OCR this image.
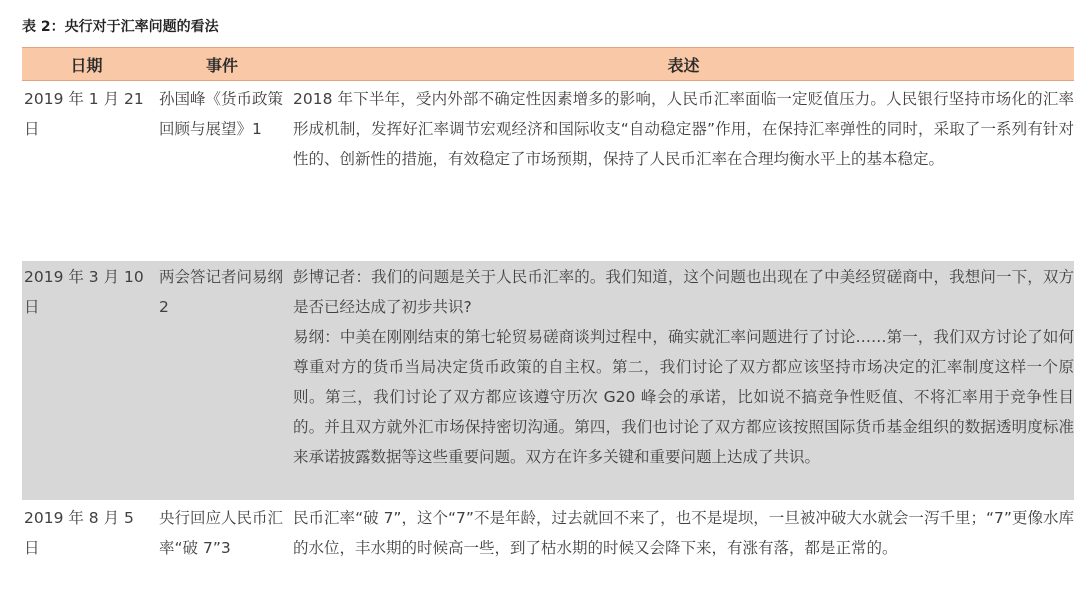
表 2：央行对于汇率问题的看法
日期	事件	表述
2019 年 1 月 21 日
孙国峰《货币政策回顾与展望》1

2018 年下半年，受内外部不确定性因素增多的影响，人民币汇率面临一定贬值压力。人民银行坚持市场化的汇率形成机制，发挥好汇率调节宏观经济和国际收支“自动稳定器”作用，在保持汇率弹性的同时，采取了一系列有针对性的、创新性的措施，有效稳定了市场预期，保持了人民币汇率在合理均衡水平上的基本稳定。

2019 年 3 月 10 日
两会答记者问易纲2

彭博记者：我们的问题是关于人民币汇率的。我们知道，这个问题也出现在了中美经贸磋商中，我想问一下，双方是否已经达成了初步共识?

易纲：中美在刚刚结束的第七轮贸易磋商谈判过程中，确实就汇率问题进行了讨论……第一，我们双方讨论了如何尊重对方的货币当局决定货币政策的自主权。第二，我们讨论了双方都应该坚持市场决定的汇率制度这样一个原则。第三，我们讨论了双方都应该遵守历次 G20 峰会的承诺，比如说不搞竞争性贬值、不将汇率用于竞争性目的。并且双方就外汇市场保持密切沟通。第四，我们也讨论了双方都应该按照国际货币基金组织的数据透明度标准来承诺披露数据等这些重要问题。双方在许多关键和重要问题上达成了共识。

2019 年 8 月 5 日
央行回应人民币汇率“破 7”3

民币汇率“破 7”，这个“7”不是年龄，过去就回不来了，也不是堤坝，一旦被冲破大水就会一泻千里；“7”更像水库的水位，丰水期的时候高一些，到了枯水期的时候又会降下来，有涨有落，都是正常的。
